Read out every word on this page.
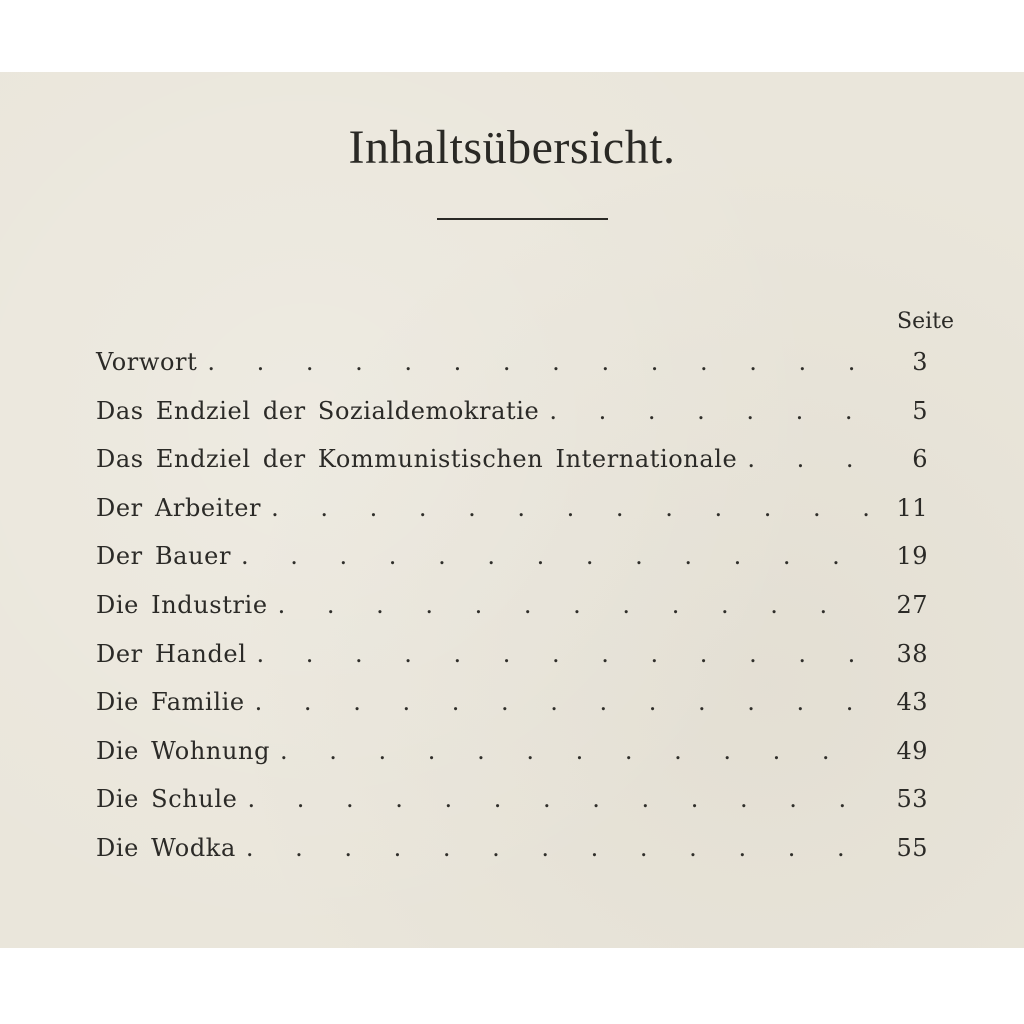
Inhaltsübersicht.
Seite
Vorwort . . .	3
Das Endziel der Sozialdemokratie . . .	5
Das Endziel der Kommunistischen Internationale . . .	6
Der Arbeiter . . .	11
Der Bauer . . .	19
Die Industrie . . .	27
Der Handel . . .	38
Die Familie . . .	43
Die Wohnung . . .	49
Die Schule . . .	53
Die Wodka . . .	55
